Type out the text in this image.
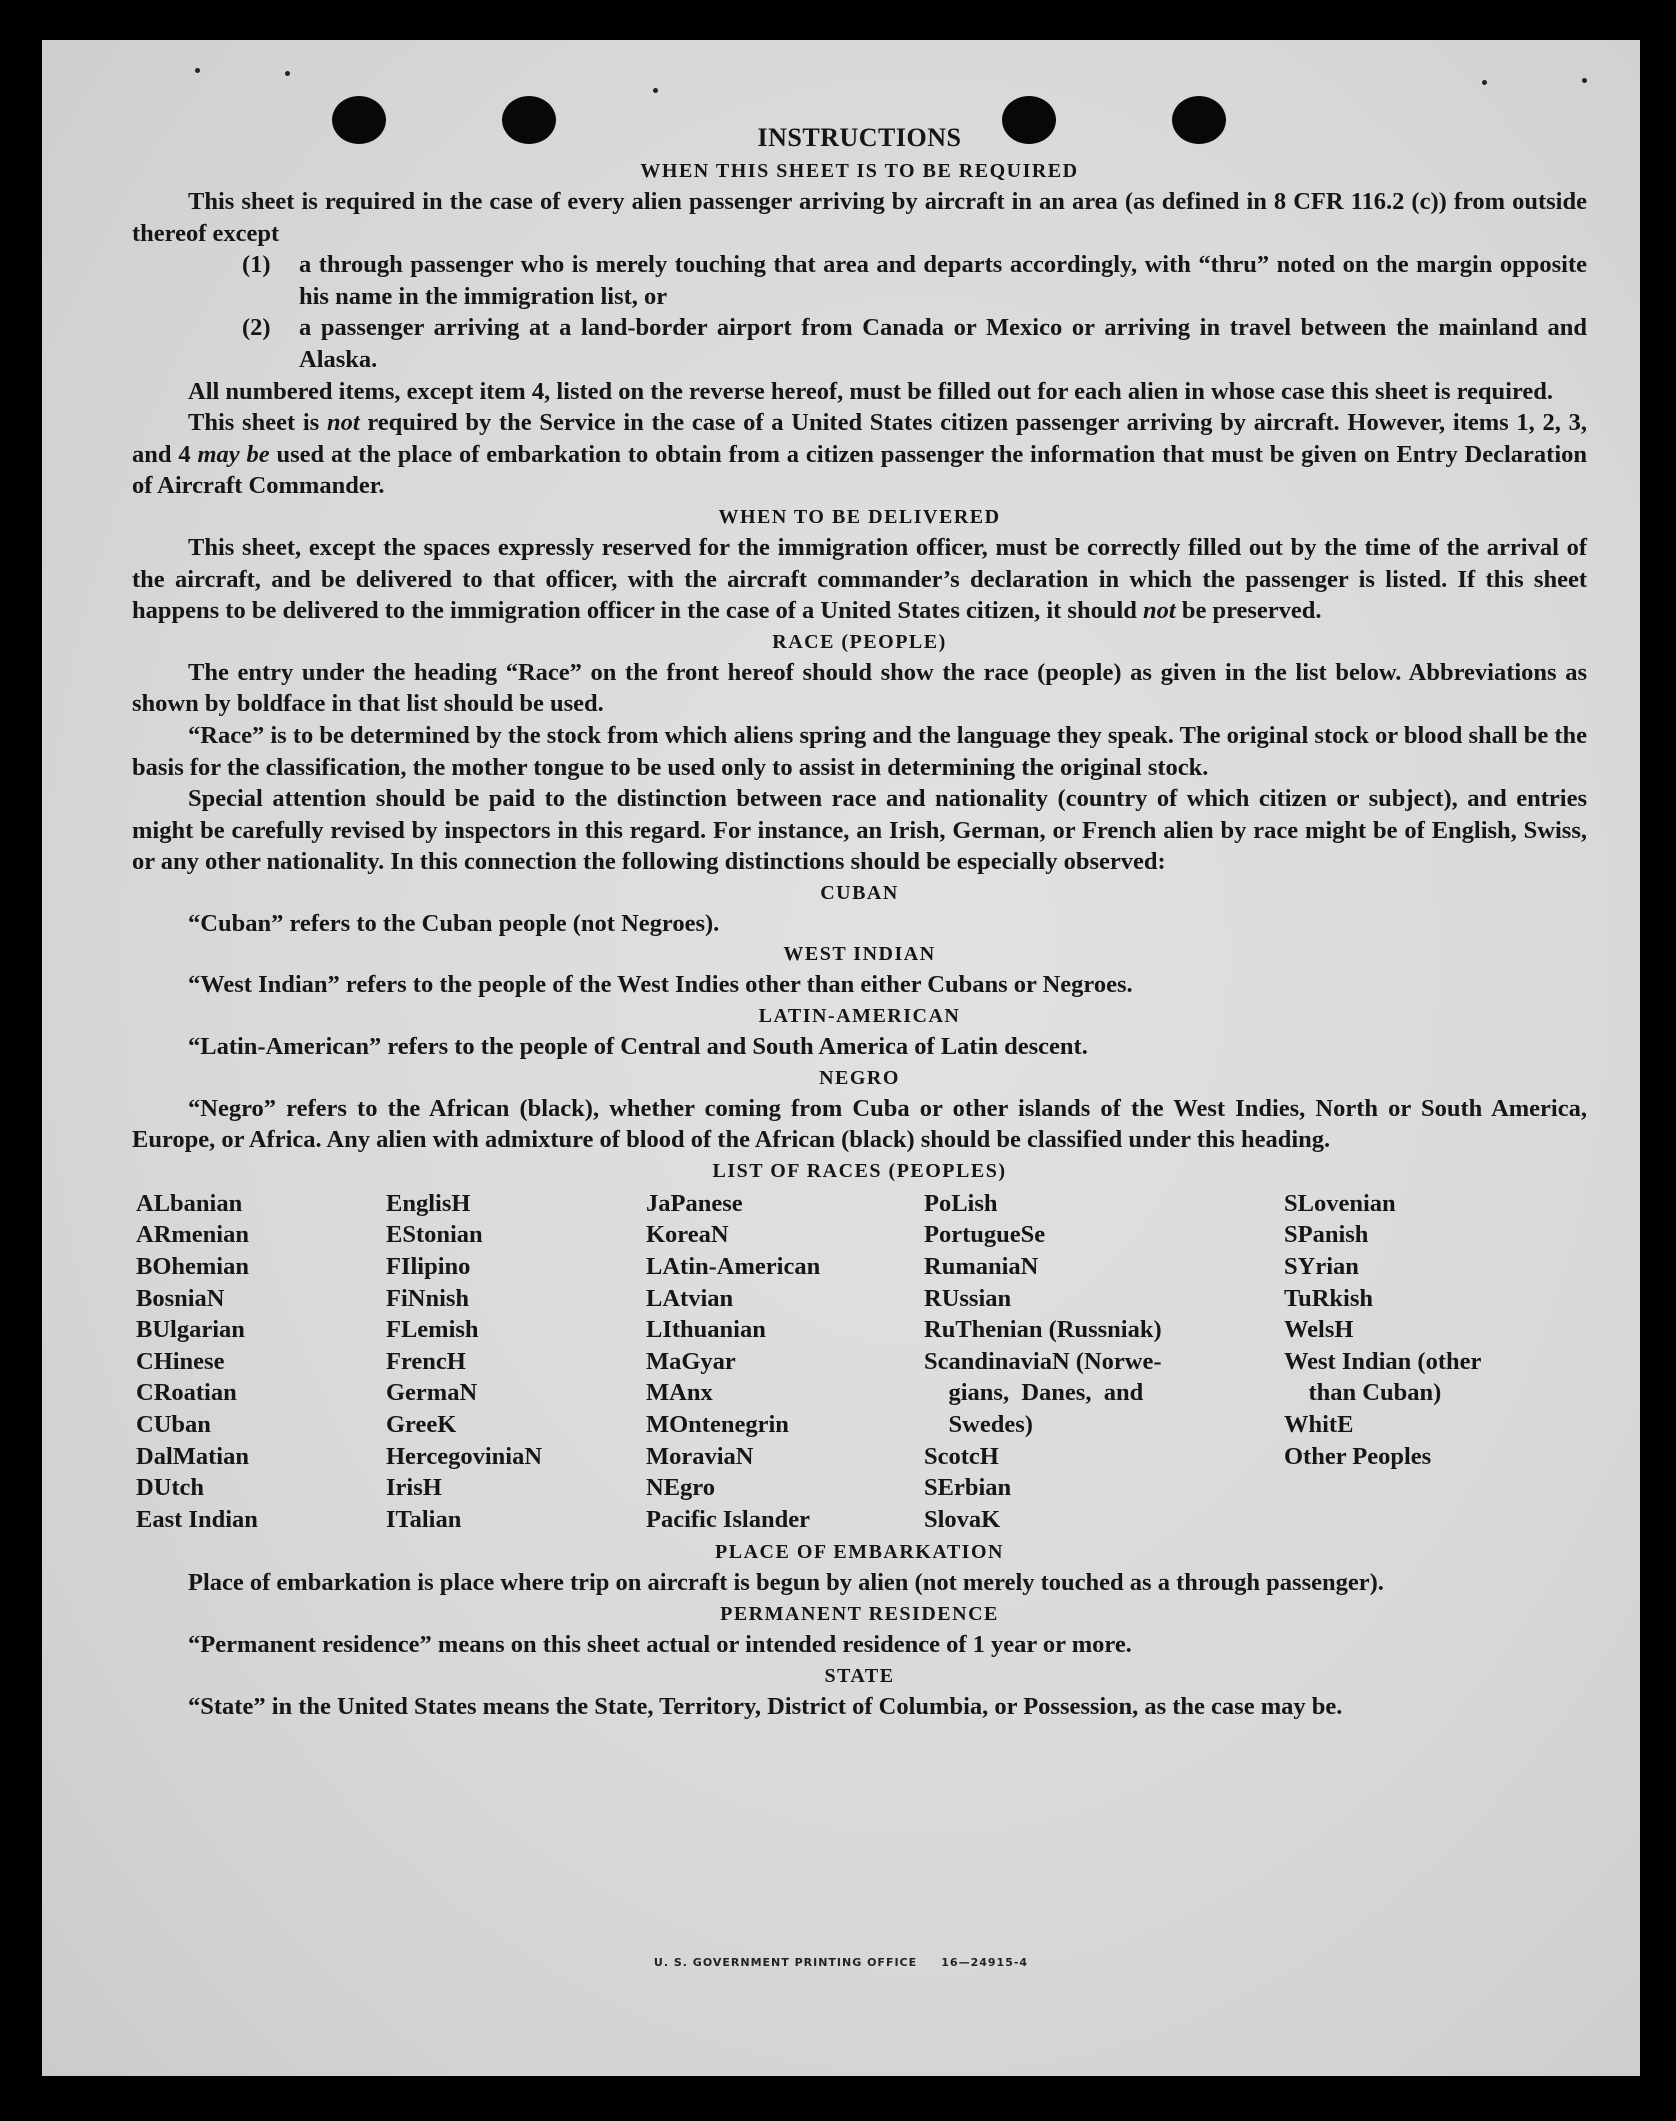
INSTRUCTIONS
WHEN THIS SHEET IS TO BE REQUIRED
This sheet is required in the case of every alien passenger arriving by aircraft in an area (as defined in 8 CFR 116.2 (c)) from outside thereof except
(1)	a through passenger who is merely touching that area and departs accordingly, with “thru” noted on the margin opposite his name in the immigration list, or
(2)	a passenger arriving at a land-border airport from Canada or Mexico or arriving in travel between the mainland and Alaska.
All numbered items, except item 4, listed on the reverse hereof, must be filled out for each alien in whose case this sheet is required.
This sheet is not required by the Service in the case of a United States citizen passenger arriving by aircraft. However, items 1, 2, 3, and 4 may be used at the place of embarkation to obtain from a citizen passenger the information that must be given on Entry Declaration of Aircraft Commander.
WHEN TO BE DELIVERED
This sheet, except the spaces expressly reserved for the immigration officer, must be correctly filled out by the time of the arrival of the aircraft, and be delivered to that officer, with the aircraft commander’s declaration in which the passenger is listed. If this sheet happens to be delivered to the immigration officer in the case of a United States citizen, it should not be preserved.
RACE (PEOPLE)
The entry under the heading “Race” on the front hereof should show the race (people) as given in the list below. Abbreviations as shown by boldface in that list should be used.
“Race” is to be determined by the stock from which aliens spring and the language they speak. The original stock or blood shall be the basis for the classification, the mother tongue to be used only to assist in determining the original stock.
Special attention should be paid to the distinction between race and nationality (country of which citizen or subject), and entries might be carefully revised by inspectors in this regard. For instance, an Irish, German, or French alien by race might be of English, Swiss, or any other nationality. In this connection the following distinctions should be especially observed:
CUBAN
“Cuban” refers to the Cuban people (not Negroes).
WEST INDIAN
“West Indian” refers to the people of the West Indies other than either Cubans or Negroes.
LATIN-AMERICAN
“Latin-American” refers to the people of Central and South America of Latin descent.
NEGRO
“Negro” refers to the African (black), whether coming from Cuba or other islands of the West Indies, North or South America, Europe, or Africa. Any alien with admixture of blood of the African (black) should be classified under this heading.
LIST OF RACES (PEOPLES)
ALbanian
ARmenian
BOhemian
BosniaN
BUlgarian
CHinese
CRoatian
CUban
DalMatian
DUtch
East Indian
EnglisH
EStonian
FIlipino
FiNnish
FLemish
FrencH
GermaN
GreeK
HercegoviniaN
IrisH
ITalian
JaPanese
KoreaN
LAtin-American
LAtvian
LIthuanian
MaGyar
MAnx
MOntenegrin
MoraviaN
NEgro
Pacific Islander
PoLish
PortugueSe
RumaniaN
RUssian
RuThenian (Russniak)
ScandinaviaN (Norwe-
gians,  Danes,  and
Swedes)
ScotcH
SErbian
SlovaK
SLovenian
SPanish
SYrian
TuRkish
WelsH
West Indian (other
than Cuban)
WhitE
Other Peoples
PLACE OF EMBARKATION
Place of embarkation is place where trip on aircraft is begun by alien (not merely touched as a through passenger).
PERMANENT RESIDENCE
“Permanent residence” means on this sheet actual or intended residence of 1 year or more.
STATE
“State” in the United States means the State, Territory, District of Columbia, or Possession, as the case may be.
U. S. GOVERNMENT PRINTING OFFICE     16—24915-4
